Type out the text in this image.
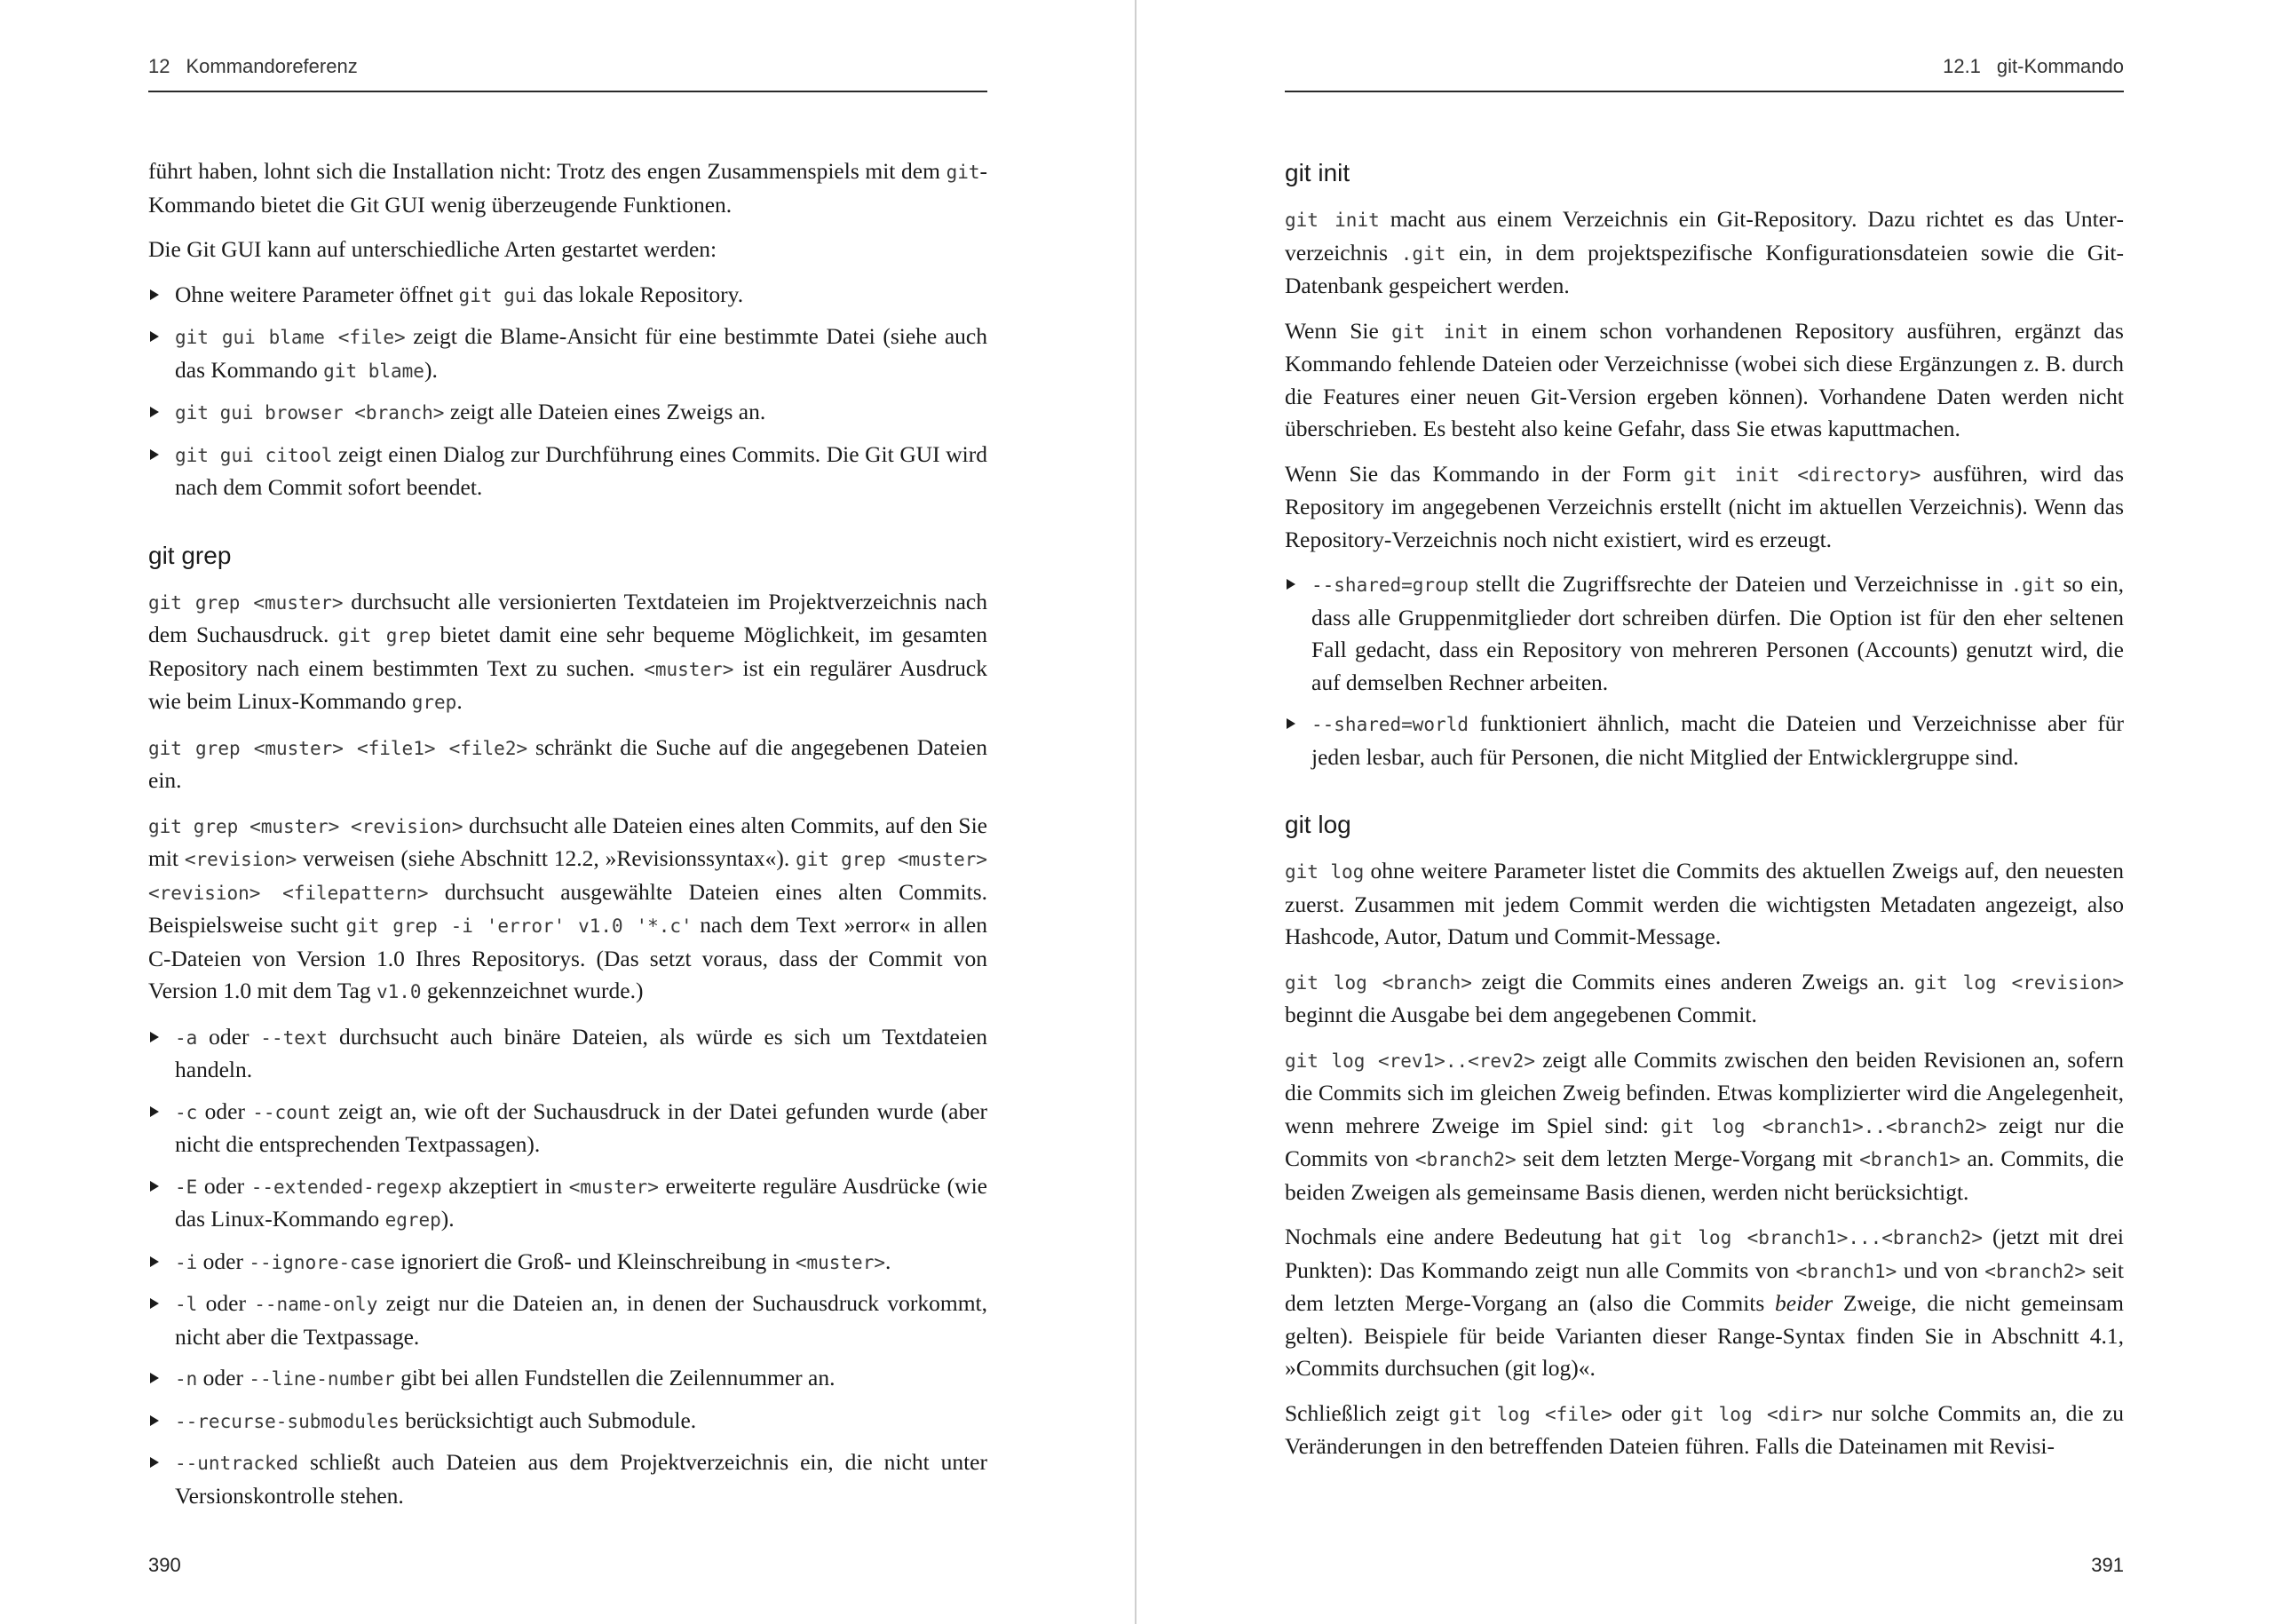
12 Kommandoreferenz

führt haben, lohnt sich die Installation nicht: Trotz des engen Zusammenspiels mit dem git-Kommando bietet die Git GUI wenig überzeugende Funktionen.

Die Git GUI kann auf unterschiedliche Arten gestartet werden:

Ohne weitere Parameter öffnet git gui das lokale Repository.
git gui blame <file> zeigt die Blame-Ansicht für eine bestimmte Datei (siehe auch das Kommando git blame).
git gui browser <branch> zeigt alle Dateien eines Zweigs an.
git gui citool zeigt einen Dialog zur Durchführung eines Commits. Die Git GUI wird nach dem Commit sofort beendet.
git grep

git grep <muster> durchsucht alle versionierten Textdateien im Projektverzeichnis nach dem Suchausdruck. git grep bietet damit eine sehr bequeme Möglichkeit, im gesamten Repository nach einem bestimmten Text zu suchen. <muster> ist ein regulärer Ausdruck wie beim Linux-Kommando grep.

git grep <muster> <file1> <file2> schränkt die Suche auf die angegebenen Dateien ein.

git grep <muster> <revision> durchsucht alle Dateien eines alten Commits, auf den Sie mit <revision> verweisen (siehe Abschnitt 12.2, »Revisionssyntax«). git grep <muster> <revision> <filepattern> durchsucht ausgewählte Dateien eines alten Commits. Beispielsweise sucht git grep -i 'error' v1.0 '*.c' nach dem Text »error« in allen C-Dateien von Version 1.0 Ihres Repositorys. (Das setzt voraus, dass der Commit von Version 1.0 mit dem Tag v1.0 gekennzeichnet wurde.)

-a oder --text durchsucht auch binäre Dateien, als würde es sich um Textdateien handeln.
-c oder --count zeigt an, wie oft der Suchausdruck in der Datei gefunden wurde (aber nicht die entsprechenden Textpassagen).
-E oder --extended-regexp akzeptiert in <muster> erweiterte reguläre Ausdrücke (wie das Linux-Kommando egrep).
-i oder --ignore-case ignoriert die Groß- und Kleinschreibung in <muster>.
-l oder --name-only zeigt nur die Dateien an, in denen der Suchausdruck vorkommt, nicht aber die Textpassage.
-n oder --line-number gibt bei allen Fundstellen die Zeilennummer an.
--recurse-submodules berücksichtigt auch Submodule.
--untracked schließt auch Dateien aus dem Projektverzeichnis ein, die nicht unter Versionskontrolle stehen.
390
12.1 git-Kommando
git init

git init macht aus einem Verzeichnis ein Git-Repository. Dazu richtet es das Unterverzeichnis .git ein, in dem projektspezifische Konfigurationsdateien sowie die Git-Datenbank gespeichert werden.

Wenn Sie git init in einem schon vorhandenen Repository ausführen, ergänzt das Kommando fehlende Dateien oder Verzeichnisse (wobei sich diese Ergänzungen z. B. durch die Features einer neuen Git-Version ergeben können). Vorhandene Daten werden nicht überschrieben. Es besteht also keine Gefahr, dass Sie etwas kaputtmachen.

Wenn Sie das Kommando in der Form git init <directory> ausführen, wird das Repository im angegebenen Verzeichnis erstellt (nicht im aktuellen Verzeichnis). Wenn das Repository-Verzeichnis noch nicht existiert, wird es erzeugt.

--shared=group stellt die Zugriffsrechte der Dateien und Verzeichnisse in .git so ein, dass alle Gruppenmitglieder dort schreiben dürfen. Die Option ist für den eher seltenen Fall gedacht, dass ein Repository von mehreren Personen (Accounts) genutzt wird, die auf demselben Rechner arbeiten.
--shared=world funktioniert ähnlich, macht die Dateien und Verzeichnisse aber für jeden lesbar, auch für Personen, die nicht Mitglied der Entwicklergruppe sind.
git log

git log ohne weitere Parameter listet die Commits des aktuellen Zweigs auf, den neuesten zuerst. Zusammen mit jedem Commit werden die wichtigsten Metadaten angezeigt, also Hashcode, Autor, Datum und Commit-Message.

git log <branch> zeigt die Commits eines anderen Zweigs an. git log <revision> beginnt die Ausgabe bei dem angegebenen Commit.

git log <rev1>..<rev2> zeigt alle Commits zwischen den beiden Revisionen an, sofern die Commits sich im gleichen Zweig befinden. Etwas komplizierter wird die Angelegenheit, wenn mehrere Zweige im Spiel sind: git log <branch1>..<branch2> zeigt nur die Commits von <branch2> seit dem letzten Merge-Vorgang mit <branch1> an. Commits, die beiden Zweigen als gemeinsame Basis dienen, werden nicht berücksichtigt.

Nochmals eine andere Bedeutung hat git log <branch1>...<branch2> (jetzt mit drei Punkten): Das Kommando zeigt nun alle Commits von <branch1> und von <branch2> seit dem letzten Merge-Vorgang an (also die Commits beider Zweige, die nicht gemeinsam gelten). Beispiele für beide Varianten dieser Range-Syntax finden Sie in Abschnitt 4.1, »Commits durchsuchen (git log)«.

Schließlich zeigt git log <file> oder git log <dir> nur solche Commits an, die zu Veränderungen in den betreffenden Dateien führen. Falls die Dateinamen mit Revisi-

391
